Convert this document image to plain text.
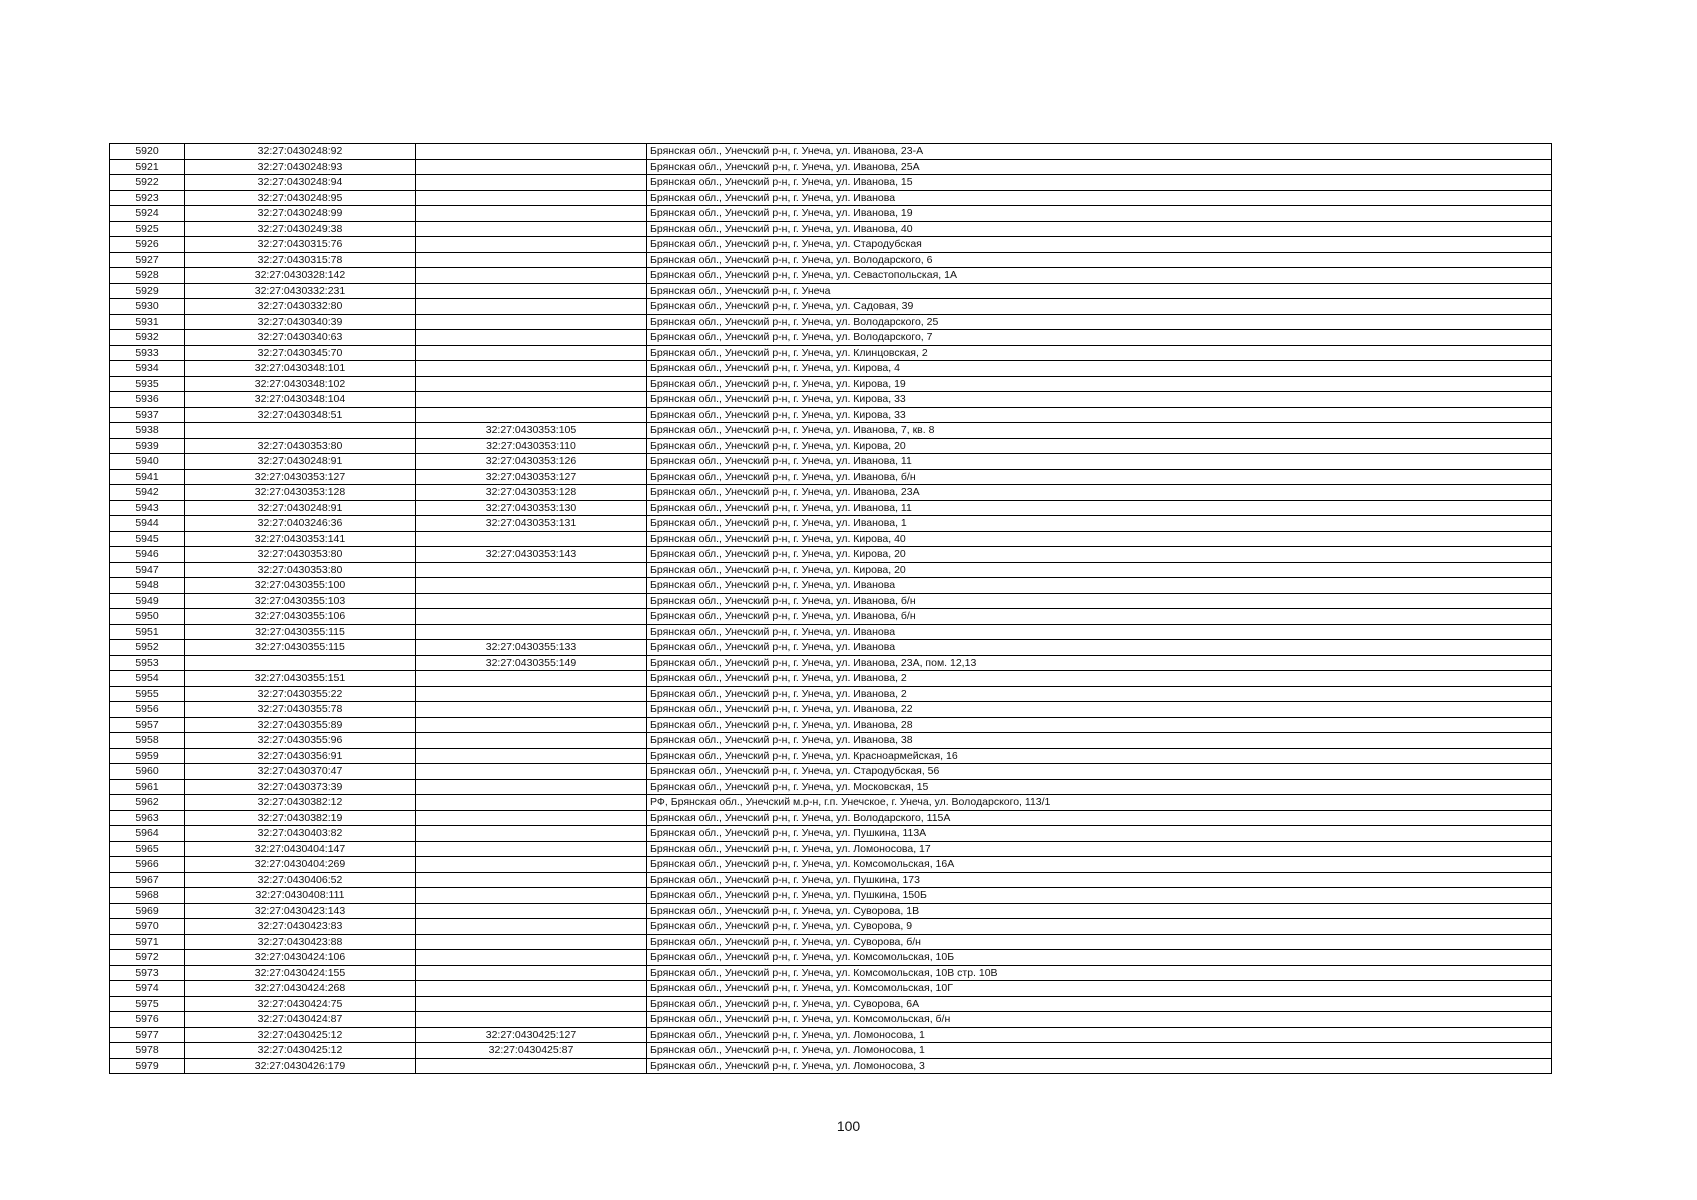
5920	32:27:0430248:92		Брянская обл., Унечский р-н, г. Унеча, ул. Иванова, 23-А
5921	32:27:0430248:93		Брянская обл., Унечский р-н, г. Унеча, ул. Иванова, 25А
5922	32:27:0430248:94		Брянская обл., Унечский р-н, г. Унеча, ул. Иванова, 15
5923	32:27:0430248:95		Брянская обл., Унечский р-н, г. Унеча, ул. Иванова
5924	32:27:0430248:99		Брянская обл., Унечский р-н, г. Унеча, ул. Иванова, 19
5925	32:27:0430249:38		Брянская обл., Унечский р-н, г. Унеча, ул. Иванова, 40
5926	32:27:0430315:76		Брянская обл., Унечский р-н, г. Унеча, ул. Стародубская
5927	32:27:0430315:78		Брянская обл., Унечский р-н, г. Унеча, ул. Володарского, 6
5928	32:27:0430328:142		Брянская обл., Унечский р-н, г. Унеча, ул. Севастопольская, 1А
5929	32:27:0430332:231		Брянская обл., Унечский р-н, г. Унеча
5930	32:27:0430332:80		Брянская обл., Унечский р-н, г. Унеча, ул. Садовая, 39
5931	32:27:0430340:39		Брянская обл., Унечский р-н, г. Унеча, ул. Володарского, 25
5932	32:27:0430340:63		Брянская обл., Унечский р-н, г. Унеча, ул. Володарского, 7
5933	32:27:0430345:70		Брянская обл., Унечский р-н, г. Унеча, ул. Клинцовская, 2
5934	32:27:0430348:101		Брянская обл., Унечский р-н, г. Унеча, ул. Кирова, 4
5935	32:27:0430348:102		Брянская обл., Унечский р-н, г. Унеча, ул. Кирова, 19
5936	32:27:0430348:104		Брянская обл., Унечский р-н, г. Унеча, ул. Кирова, 33
5937	32:27:0430348:51		Брянская обл., Унечский р-н, г. Унеча, ул. Кирова, 33
5938		32:27:0430353:105	Брянская обл., Унечский р-н, г. Унеча, ул. Иванова, 7, кв. 8
5939	32:27:0430353:80	32:27:0430353:110	Брянская обл., Унечский р-н, г. Унеча, ул. Кирова, 20
5940	32:27:0430248:91	32:27:0430353:126	Брянская обл., Унечский р-н, г. Унеча, ул. Иванова, 11
5941	32:27:0430353:127	32:27:0430353:127	Брянская обл., Унечский р-н, г. Унеча, ул. Иванова, б/н
5942	32:27:0430353:128	32:27:0430353:128	Брянская обл., Унечский р-н, г. Унеча, ул. Иванова, 23А
5943	32:27:0430248:91	32:27:0430353:130	Брянская обл., Унечский р-н, г. Унеча, ул. Иванова, 11
5944	32:27:0403246:36	32:27:0430353:131	Брянская обл., Унечский р-н, г. Унеча, ул. Иванова, 1
5945	32:27:0430353:141		Брянская обл., Унечский р-н, г. Унеча, ул. Кирова, 40
5946	32:27:0430353:80	32:27:0430353:143	Брянская обл., Унечский р-н, г. Унеча, ул. Кирова, 20
5947	32:27:0430353:80		Брянская обл., Унечский р-н, г. Унеча, ул. Кирова, 20
5948	32:27:0430355:100		Брянская обл., Унечский р-н, г. Унеча, ул. Иванова
5949	32:27:0430355:103		Брянская обл., Унечский р-н, г. Унеча, ул. Иванова, б/н
5950	32:27:0430355:106		Брянская обл., Унечский р-н, г. Унеча, ул. Иванова, б/н
5951	32:27:0430355:115		Брянская обл., Унечский р-н, г. Унеча, ул. Иванова
5952	32:27:0430355:115	32:27:0430355:133	Брянская обл., Унечский р-н, г. Унеча, ул. Иванова
5953		32:27:0430355:149	Брянская обл., Унечский р-н, г. Унеча, ул. Иванова, 23А, пом. 12,13
5954	32:27:0430355:151		Брянская обл., Унечский р-н, г. Унеча, ул. Иванова, 2
5955	32:27:0430355:22		Брянская обл., Унечский р-н, г. Унеча, ул. Иванова, 2
5956	32:27:0430355:78		Брянская обл., Унечский р-н, г. Унеча, ул. Иванова, 22
5957	32:27:0430355:89		Брянская обл., Унечский р-н, г. Унеча, ул. Иванова, 28
5958	32:27:0430355:96		Брянская обл., Унечский р-н, г. Унеча, ул. Иванова, 38
5959	32:27:0430356:91		Брянская обл., Унечский р-н, г. Унеча, ул. Красноармейская, 16
5960	32:27:0430370:47		Брянская обл., Унечский р-н, г. Унеча, ул. Стародубская, 56
5961	32:27:0430373:39		Брянская обл., Унечский р-н, г. Унеча, ул. Московская, 15
5962	32:27:0430382:12		РФ, Брянская обл., Унечский м.р-н, г.п. Унечское, г. Унеча, ул. Володарского, 113/1
5963	32:27:0430382:19		Брянская обл., Унечский р-н, г. Унеча, ул. Володарского, 115А
5964	32:27:0430403:82		Брянская обл., Унечский р-н, г. Унеча, ул. Пушкина, 113А
5965	32:27:0430404:147		Брянская обл., Унечский р-н, г. Унеча, ул. Ломоносова, 17
5966	32:27:0430404:269		Брянская обл., Унечский р-н, г. Унеча, ул. Комсомольская, 16А
5967	32:27:0430406:52		Брянская обл., Унечский р-н, г. Унеча, ул. Пушкина, 173
5968	32:27:0430408:111		Брянская обл., Унечский р-н, г. Унеча, ул. Пушкина, 150Б
5969	32:27:0430423:143		Брянская обл., Унечский р-н, г. Унеча, ул. Суворова, 1В
5970	32:27:0430423:83		Брянская обл., Унечский р-н, г. Унеча, ул. Суворова, 9
5971	32:27:0430423:88		Брянская обл., Унечский р-н, г. Унеча, ул. Суворова, б/н
5972	32:27:0430424:106		Брянская обл., Унечский р-н, г. Унеча, ул. Комсомольская, 10Б
5973	32:27:0430424:155		Брянская обл., Унечский р-н, г. Унеча, ул. Комсомольская, 10В стр. 10В
5974	32:27:0430424:268		Брянская обл., Унечский р-н, г. Унеча, ул. Комсомольская, 10Г
5975	32:27:0430424:75		Брянская обл., Унечский р-н, г. Унеча, ул. Суворова, 6А
5976	32:27:0430424:87		Брянская обл., Унечский р-н, г. Унеча, ул. Комсомольская, б/н
5977	32:27:0430425:12	32:27:0430425:127	Брянская обл., Унечский р-н, г. Унеча, ул. Ломоносова, 1
5978	32:27:0430425:12	32:27:0430425:87	Брянская обл., Унечский р-н, г. Унеча, ул. Ломоносова, 1
5979	32:27:0430426:179		Брянская обл., Унечский р-н, г. Унеча, ул. Ломоносова, 3
100
